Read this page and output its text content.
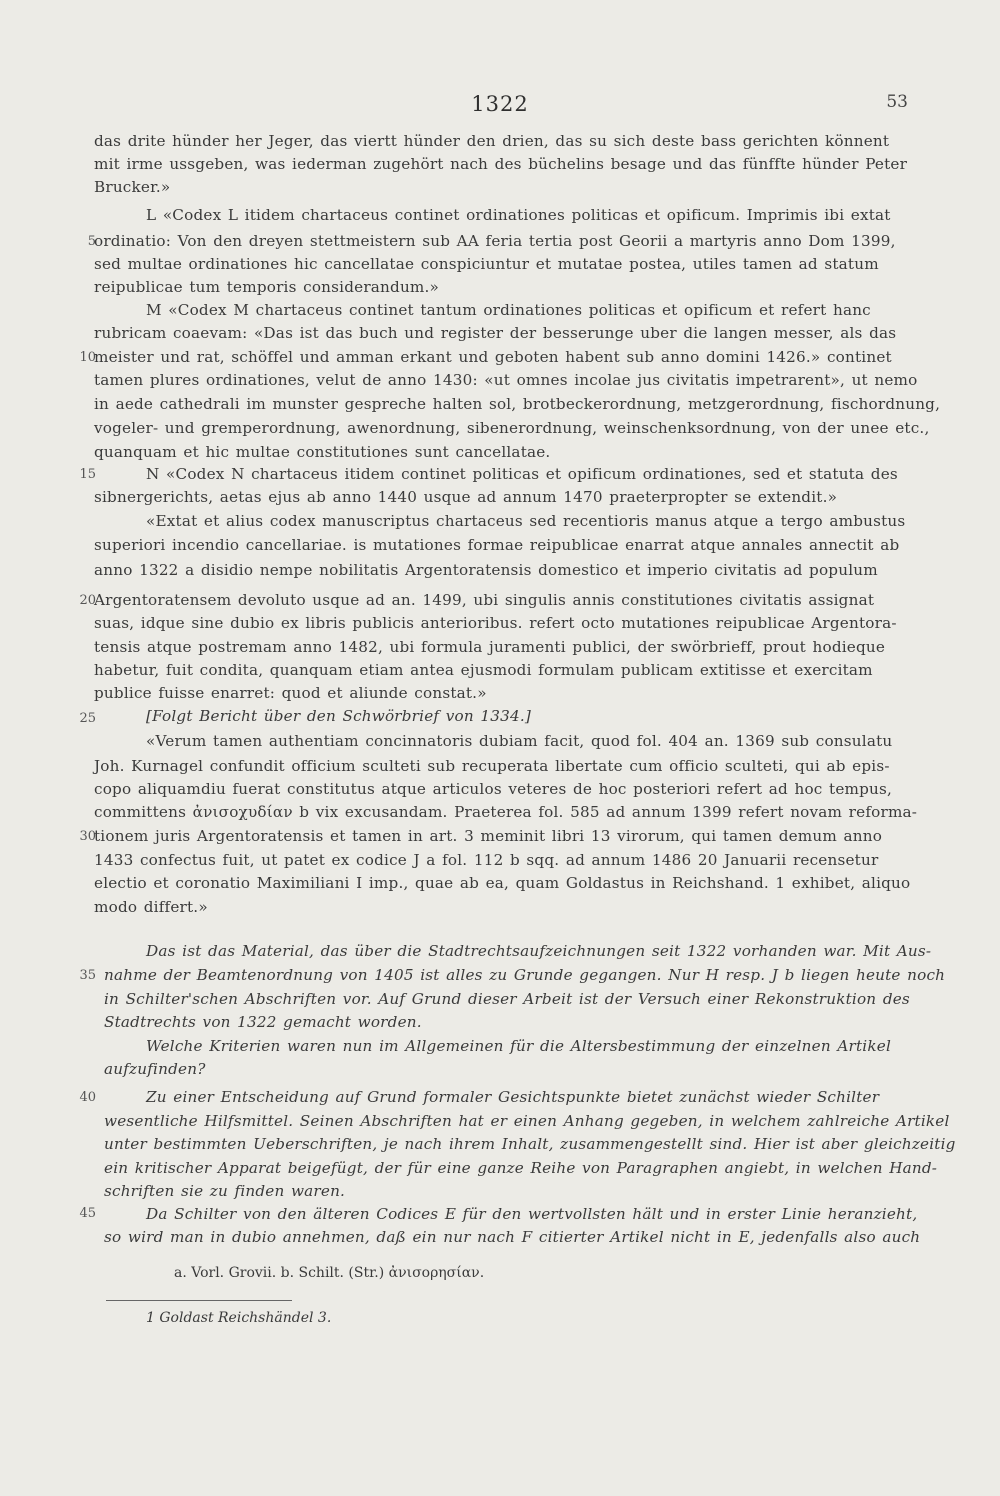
1322	53
5
10
15
20
25
30
35
40
45
das drite hünder her Jeger, das viertt hünder den drien, das su sich deste bass gerichten könnent
mit irme ussgeben, was iederman zugehört nach des büchelins besage und das fünffte hünder Peter
Brucker.»
L «Codex L itidem chartaceus continet ordinationes politicas et opificum. Imprimis ibi extat
ordinatio: Von den dreyen stettmeistern sub AA feria tertia post Georii a martyris anno Dom 1399,
sed multae ordinationes hic cancellatae conspiciuntur et mutatae postea, utiles tamen ad statum
reipublicae tum temporis considerandum.»
M «Codex M chartaceus continet tantum ordinationes politicas et opificum et refert hanc
rubricam coaevam: «Das ist das buch und register der besserunge uber die langen messer, als das
meister und rat, schöffel und amman erkant und geboten habent sub anno domini 1426.» continet
tamen plures ordinationes, velut de anno 1430: «ut omnes incolae jus civitatis impetrarent», ut nemo
in aede cathedrali im munster gespreche halten sol, brotbeckerordnung, metzgerordnung, fischordnung,
vogeler- und gremperordnung, awenordnung, sibenerordnung, weinschenksordnung, von der unee etc.,
quanquam et hic multae constitutiones sunt cancellatae.
N «Codex N chartaceus itidem continet politicas et opificum ordinationes, sed et statuta des
sibnergerichts, aetas ejus ab anno 1440 usque ad annum 1470 praeterpropter se extendit.»
«Extat et alius codex manuscriptus chartaceus sed recentioris manus atque a tergo ambustus
superiori incendio cancellariae. is mutationes formae reipublicae enarrat atque annales annectit ab
anno 1322 a disidio nempe nobilitatis Argentoratensis domestico et imperio civitatis ad populum
Argentoratensem devoluto usque ad an. 1499, ubi singulis annis constitutiones civitatis assignat
suas, idque sine dubio ex libris publicis anterioribus. refert octo mutationes reipublicae Argentora-
tensis atque postremam anno 1482, ubi formula juramenti publici, der swörbrieff, prout hodieque
habetur, fuit condita, quanquam etiam antea ejusmodi formulam publicam extitisse et exercitam
publice fuisse enarret: quod et aliunde constat.»
[Folgt Bericht über den Schwörbrief von 1334.]
«Verum tamen authentiam concinnatoris dubiam facit, quod fol. 404 an. 1369 sub consulatu
Joh. Kurnagel confundit officium sculteti sub recuperata libertate cum officio sculteti, qui ab epis-
copo aliquamdiu fuerat constitutus atque articulos veteres de hoc posteriori refert ad hoc tempus,
committens ἀνισοχυδίαν b vix excusandam. Praeterea fol. 585 ad annum 1399 refert novam reforma-
tionem juris Argentoratensis et tamen in art. 3 meminit libri 13 virorum, qui tamen demum anno
1433 confectus fuit, ut patet ex codice J a fol. 112 b sqq. ad annum 1486 20 Januarii recensetur
electio et coronatio Maximiliani I imp., quae ab ea, quam Goldastus in Reichshand. 1 exhibet, aliquo
modo differt.»
Das ist das Material, das über die Stadtrechtsaufzeichnungen seit 1322 vorhanden war. Mit Aus-
nahme der Beamtenordnung von 1405 ist alles zu Grunde gegangen. Nur H resp. J b liegen heute noch
in Schilter'schen Abschriften vor. Auf Grund dieser Arbeit ist der Versuch einer Rekonstruktion des
Stadtrechts von 1322 gemacht worden.
Welche Kriterien waren nun im Allgemeinen für die Altersbestimmung der einzelnen Artikel
aufzufinden?
Zu einer Entscheidung auf Grund formaler Gesichtspunkte bietet zunächst wieder Schilter
wesentliche Hilfsmittel. Seinen Abschriften hat er einen Anhang gegeben, in welchem zahlreiche Artikel
unter bestimmten Ueberschriften, je nach ihrem Inhalt, zusammengestellt sind. Hier ist aber gleichzeitig
ein kritischer Apparat beigefügt, der für eine ganze Reihe von Paragraphen angiebt, in welchen Hand-
schriften sie zu finden waren.
Da Schilter von den älteren Codices E für den wertvollsten hält und in erster Linie heranzieht,
so wird man in dubio annehmen, daß ein nur nach F citierter Artikel nicht in E, jedenfalls also auch
a. Vorl. Grovii. b. Schilt. (Str.) ἀνισορησίαν.
1 Goldast Reichshändel 3.
